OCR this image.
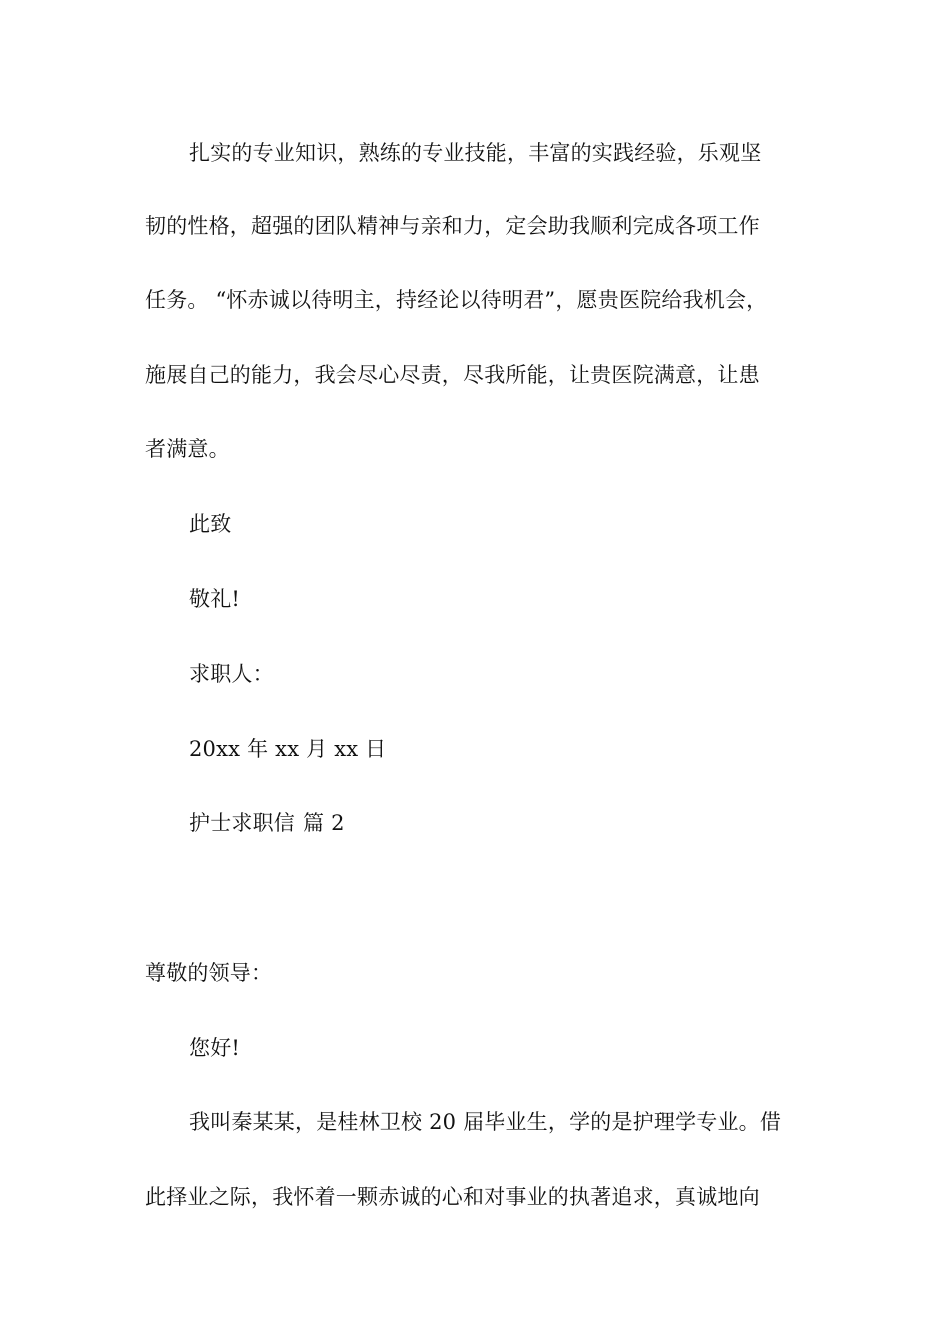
扎实的专业知识，熟练的专业技能，丰富的实践经验，乐观坚
韧的性格，超强的团队精神与亲和力，定会助我顺利完成各项工作
任务。 “怀赤诚以待明主，持经论以待明君”，愿贵医院给我机会，
施展自己的能力，我会尽心尽责，尽我所能，让贵医院满意，让患
者满意。
此致
敬礼!
求职人：
20xx 年 xx 月 xx 日
护士求职信 篇 2
尊敬的领导：
您好!
我叫秦某某，是桂林卫校 20 届毕业生，学的是护理学专业。借
此择业之际，我怀着一颗赤诚的心和对事业的执著追求，真诚地向
